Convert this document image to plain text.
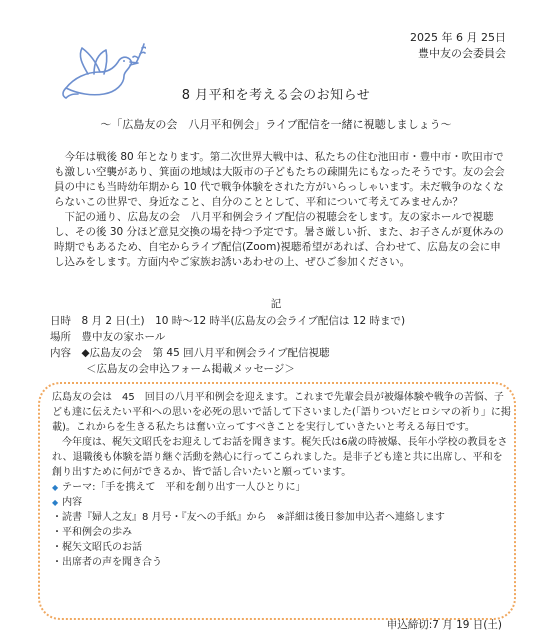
2025 年 6 月 25日
豊中友の会委員会
8 月平和を考える会のお知らせ
～「広島友の会　八月平和例会」ライブ配信を一緒に視聴しましょう～

今年は戦後 80 年となります。第二次世界大戦中は、私たちの住む池田市・豊中市・吹田市でも激しい空襲があり、箕面の地域は大阪市の子どもたちの疎開先にもなったそうです。友の会会員の中にも当時幼年期から 10 代で戦争体験をされた方がいらっしゃいます。未だ戦争のなくならないこの世界で、身近なこと、自分のこととして、平和について考えてみませんか？

下記の通り、広島友の会　八月平和例会ライブ配信の視聴会をします。友の家ホールで視聴し、その後 30 分ほど意見交換の場を持つ予定です。暑さ厳しい折、また、お子さんが夏休みの時期でもあるため、自宅からライブ配信(Zoom)視聴希望があれば、合わせて、広島友の会に申し込みをします。方面内やご家族お誘いあわせの上、ぜひご参加ください。

記
日時　8 月 2 日(土)　10 時～12 時半(広島友の会ライブ配信は 12 時まで)
場所　豊中友の家ホール
内容　◆広島友の会　第 45 回八月平和例会ライブ配信視聴
＜広島友の会申込フォーム掲載メッセージ＞

広島友の会は　45　回目の八月平和例会を迎えます。これまで先輩会員が被爆体験や戦争の苦悩、子ども達に伝えたい平和への思いを必死の思いで話して下さいました(「語りついだヒロシマの祈り」に掲載)。これからを生きる私たちは奮い立ってすべきことを実行していきたいと考える毎日です。

今年度は、梶矢文昭氏をお迎えしてお話を聞きます。梶矢氏は6歳の時被爆、長年小学校の教員をされ、退職後も体験を語り継ぐ活動を熱心に行ってこられました。是非子ども達と共に出席し、平和を創り出すために何ができるか、皆で話し合いたいと願っています。

◆ テーマ:「手を携えて　平和を創り出す一人ひとりに」
◆ 内容
・読書『婦人之友』8 月号・『友への手紙』から　※詳細は後日参加申込者へ連絡します
・平和例会の歩み
・梶矢文昭氏のお話
・出席者の声を聞き合う
申込締切:7 月 19 日(土)
